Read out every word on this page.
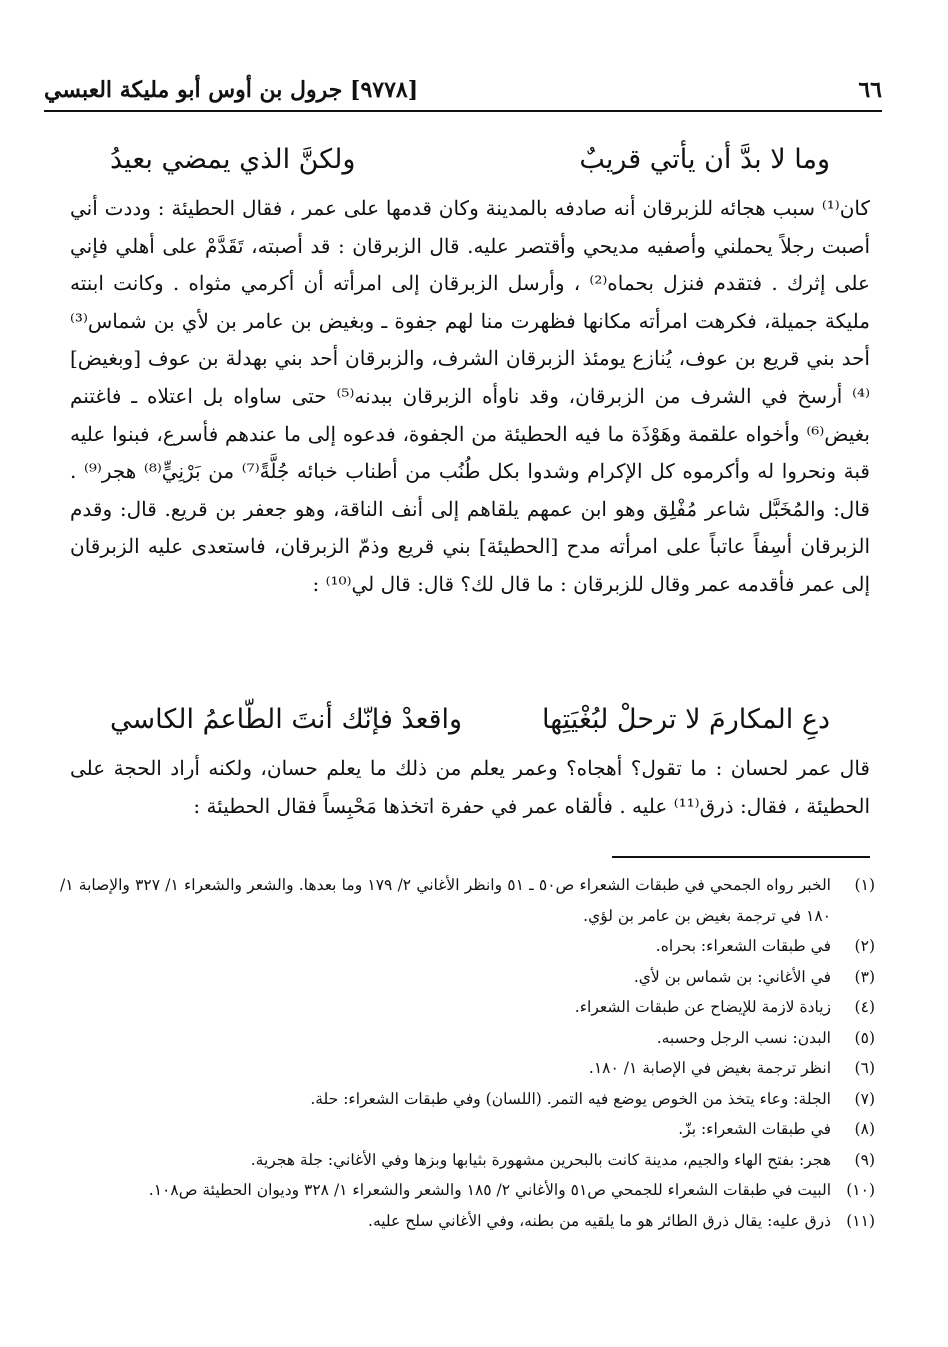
٦٦
[٩٧٧٨] جرول بن أوس أبو مليكة العبسي
وما لا بدَّ أن يأتي قريبٌ
ولكنَّ الذي يمضي بعيدُ

كان⁽¹⁾ سبب هجائه للزبرقان أنه صادفه بالمدينة وكان قدمها على عمر ، فقال الحطيئة : وددت أني أصبت رجلاً يحملني وأصفيه مديحي وأقتصر عليه. قال الزبرقان : قد أصبته، تَقَدَّمْ على أهلي فإني على إثرك . فتقدم فنزل بحماه⁽²⁾ ، وأرسل الزبرقان إلى امرأته أن أكرمي مثواه . وكانت ابنته مليكة جميلة، فكرهت امرأته مكانها فظهرت منا لهم جفوة ـ وبغيض بن عامر بن لأي بن شماس⁽³⁾ أحد بني قريع بن عوف، يُنازع يومئذ الزبرقان الشرف، والزبرقان أحد بني بهدلة بن عوف [وبغيض]⁽⁴⁾ أرسخ في الشرف من الزبرقان، وقد ناوأه الزبرقان ببدنه⁽⁵⁾ حتى ساواه بل اعتلاه ـ فاغتنم بغيض⁽⁶⁾ وأخواه علقمة وهَوْذَة ما فيه الحطيئة من الجفوة، فدعوه إلى ما عندهم فأسرع، فبنوا عليه قبة ونحروا له وأكرموه كل الإكرام وشدوا بكل طُنُب من أطناب خبائه جُلَّةً⁽⁷⁾ من بَرْنِيٍّ⁽⁸⁾ هجر⁽⁹⁾ . قال: والمُخَبَّل شاعر مُفْلِق وهو ابن عمهم يلقاهم إلى أنف الناقة، وهو جعفر بن قريع. قال: وقدم الزبرقان أسِفاً عاتباً على امرأته مدح [الحطيئة] بني قريع وذمّ الزبرقان، فاستعدى عليه الزبرقان إلى عمر فأقدمه عمر وقال للزبرقان : ما قال لك؟ قال: قال لي⁽¹⁰⁾ :

دعِ المكارمَ لا ترحلْ لبُغْيَتِها
واقعدْ فإنّك أنتَ الطّاعمُ الكاسي

قال عمر لحسان : ما تقول؟ أهجاه؟ وعمر يعلم من ذلك ما يعلم حسان، ولكنه أراد الحجة على الحطيئة ، فقال: ذرق⁽¹¹⁾ عليه . فألقاه عمر في حفرة اتخذها مَحْبِساً فقال الحطيئة :

(١)
الخبر رواه الجمحي في طبقات الشعراء ص٥٠ ـ ٥١ وانظر الأغاني ٢/ ١٧٩ وما بعدها. والشعر والشعراء ١/ ٣٢٧ والإصابة ١/ ١٨٠ في ترجمة بغيض بن عامر بن لؤي.
(٢)
في طبقات الشعراء: بحراه.
(٣)
في الأغاني: بن شماس بن لأي.
(٤)
زيادة لازمة للإيضاح عن طبقات الشعراء.
(٥)
البدن: نسب الرجل وحسبه.
(٦)
انظر ترجمة بغيض في الإصابة ١/ ١٨٠.
(٧)
الجلة: وعاء يتخذ من الخوص يوضع فيه التمر. (اللسان) وفي طبقات الشعراء: حلة.
(٨)
في طبقات الشعراء: بزّ.
(٩)
هجر: بفتح الهاء والجيم، مدينة كانت بالبحرين مشهورة بثيابها وبزها وفي الأغاني: جلة هجرية.
(١٠)
البيت في طبقات الشعراء للجمحي ص٥١ والأغاني ٢/ ١٨٥ والشعر والشعراء ١/ ٣٢٨ وديوان الحطيئة ص١٠٨.
(١١)
ذرق عليه: يقال ذرق الطائر هو ما يلقيه من بطنه، وفي الأغاني سلح عليه.
